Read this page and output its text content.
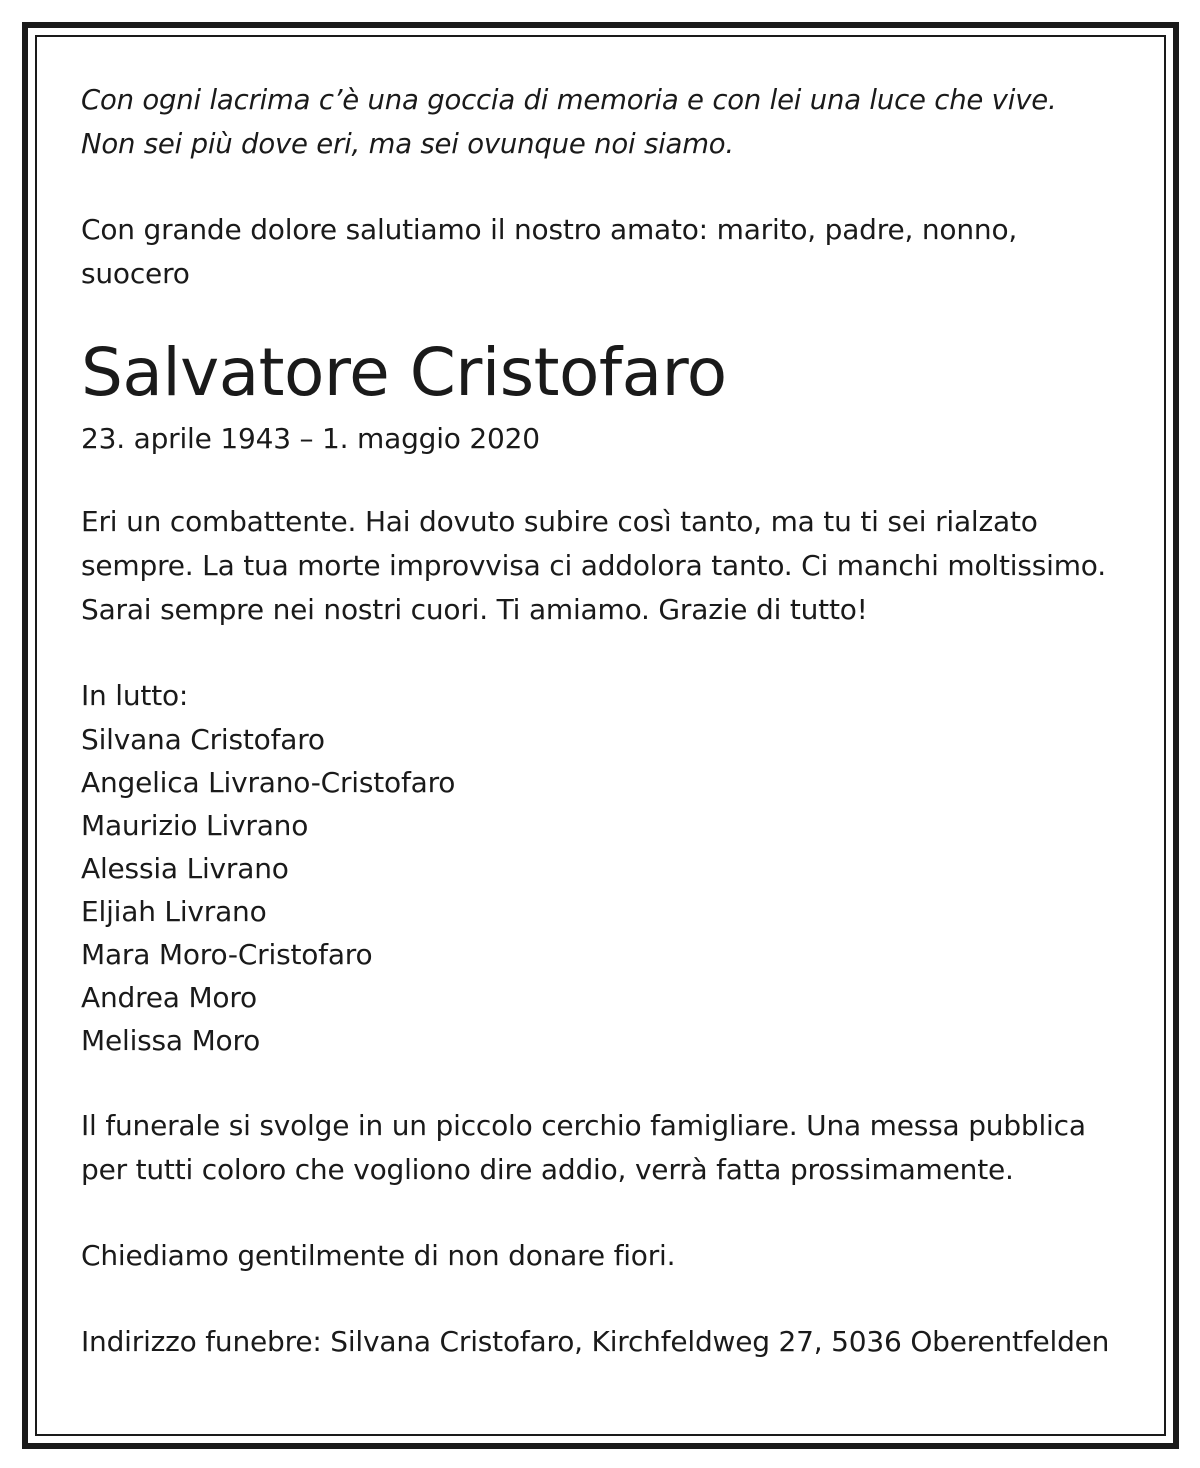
Con ogni lacrima c’è una goccia di memoria e con lei una luce che vive.
Non sei più dove eri, ma sei ovunque noi siamo.

Con grande dolore salutiamo il nostro amato: marito, padre, nonno,
suocero

Salvatore Cristofaro

23. aprile 1943 – 1. maggio 2020

Eri un combattente. Hai dovuto subire così tanto, ma tu ti sei rialzato
sempre. La tua morte improvvisa ci addolora tanto. Ci manchi moltissimo.
Sarai sempre nei nostri cuori. Ti amiamo. Grazie di tutto!

In lutto:

Silvana Cristofaro
Angelica Livrano-Cristofaro
Maurizio Livrano
Alessia Livrano
Eljiah Livrano
Mara Moro-Cristofaro
Andrea Moro
Melissa Moro

Il funerale si svolge in un piccolo cerchio famigliare. Una messa pubblica
per tutti coloro che vogliono dire addio, verrà fatta prossimamente.

Chiediamo gentilmente di non donare fiori.

Indirizzo funebre: Silvana Cristofaro, Kirchfeldweg 27, 5036 Oberentfelden
